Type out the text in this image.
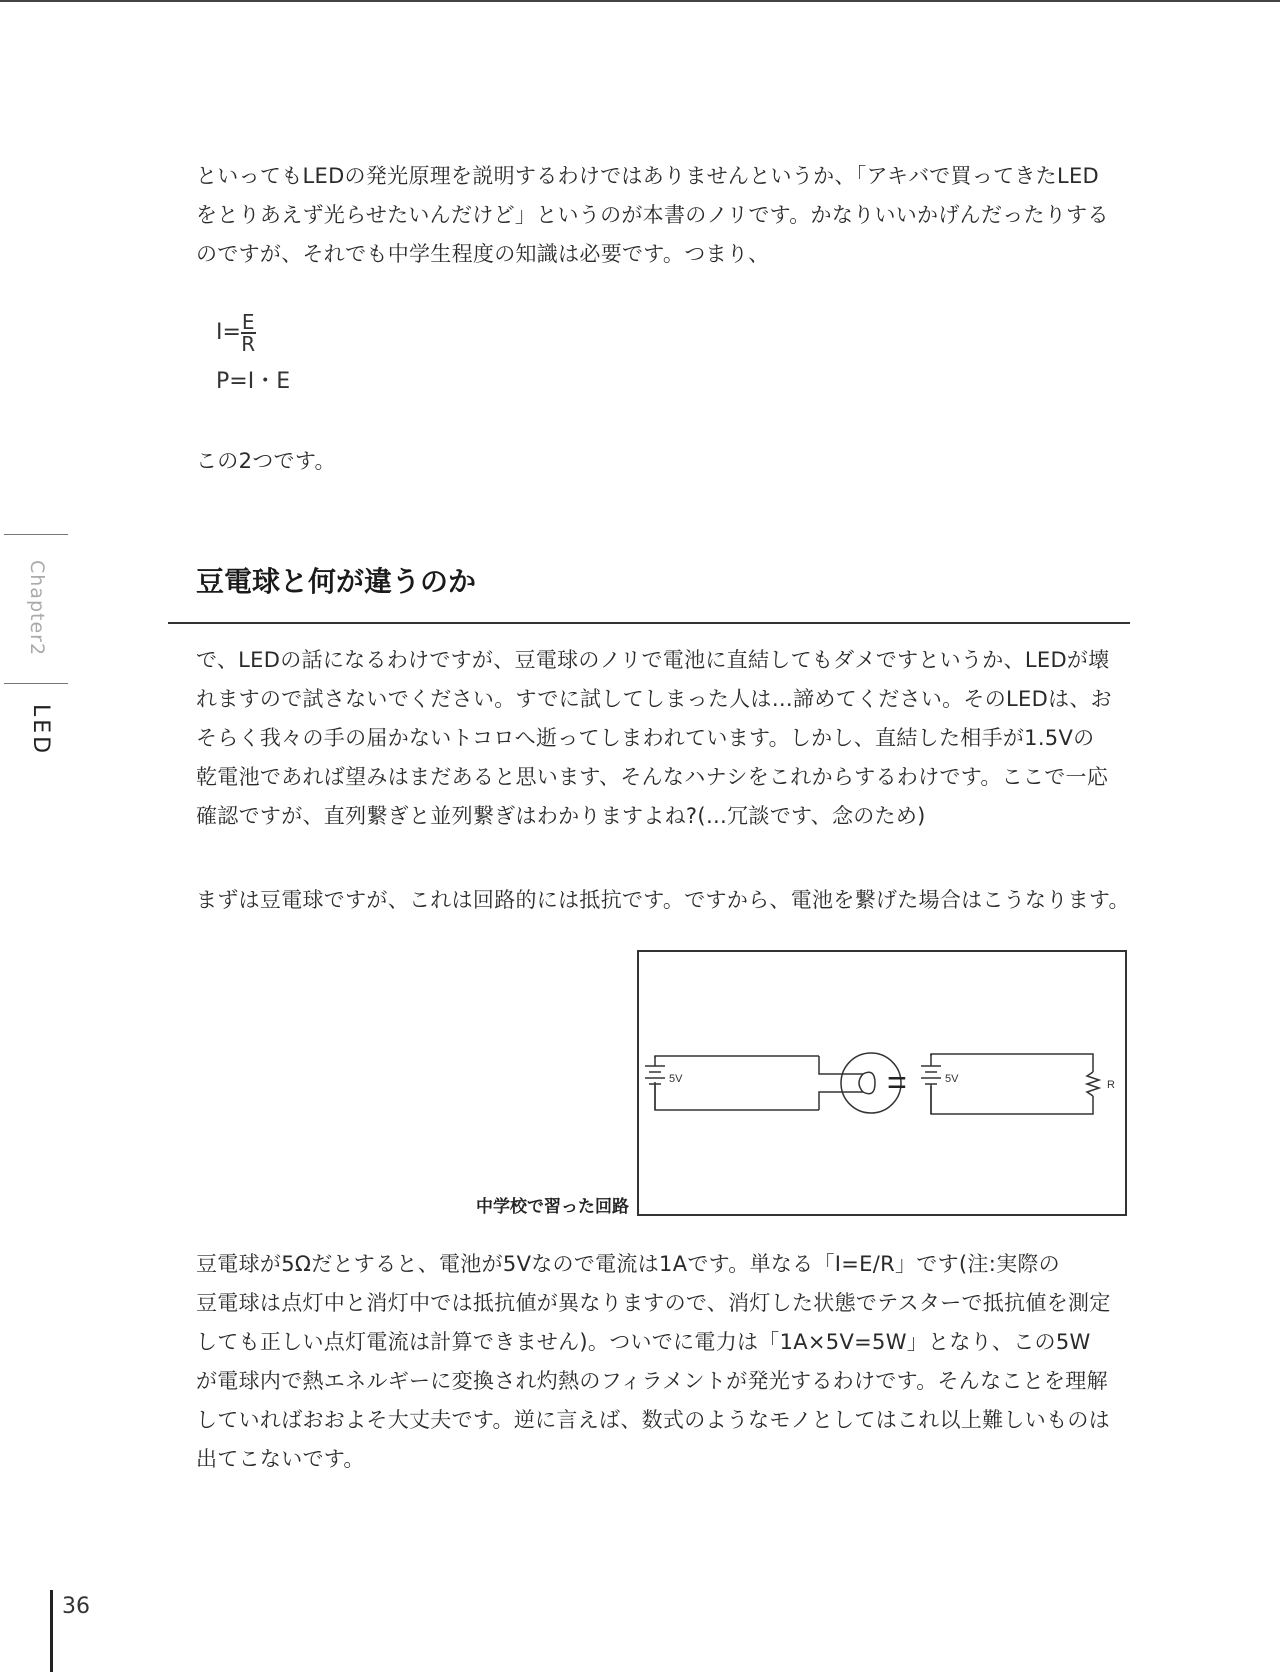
といってもLEDの発光原理を説明するわけではありませんというか、「アキバで買ってきたLED
をとりあえず光らせたいんだけど」というのが本書のノリです。かなりいいかげんだったりする
のですが、それでも中学生程度の知識は必要です。つまり、

$I= \frac{E}{R}$
P=I・E

この2つです。

豆電球と何が違うのか

で、LEDの話になるわけですが、豆電球のノリで電池に直結してもダメですというか、LEDが壊
れますので試さないでください。すでに試してしまった人は…諦めてください。そのLEDは、お
そらく我々の手の届かないトコロへ逝ってしまわれています。しかし、直結した相手が1.5Vの
乾電池であれば望みはまだあると思います、そんなハナシをこれからするわけです。ここで一応
確認ですが、直列繋ぎと並列繋ぎはわかりますよね?(…冗談です、念のため)

まずは豆電球ですが、これは回路的には抵抗です。ですから、電池を繋げた場合はこうなります。

5V	5V	R
=
中学校で習った回路

豆電球が5Ωだとすると、電池が5Vなので電流は1Aです。単なる「I=E/R」です(注:実際の
豆電球は点灯中と消灯中では抵抗値が異なりますので、消灯した状態でテスターで抵抗値を測定
しても正しい点灯電流は計算できません)。ついでに電力は「1A×5V=5W」となり、この5W
が電球内で熱エネルギーに変換され灼熱のフィラメントが発光するわけです。そんなことを理解
していればおおよそ大丈夫です。逆に言えば、数式のようなモノとしてはこれ以上難しいものは
出てこないです。

Chapter2
LED
36
